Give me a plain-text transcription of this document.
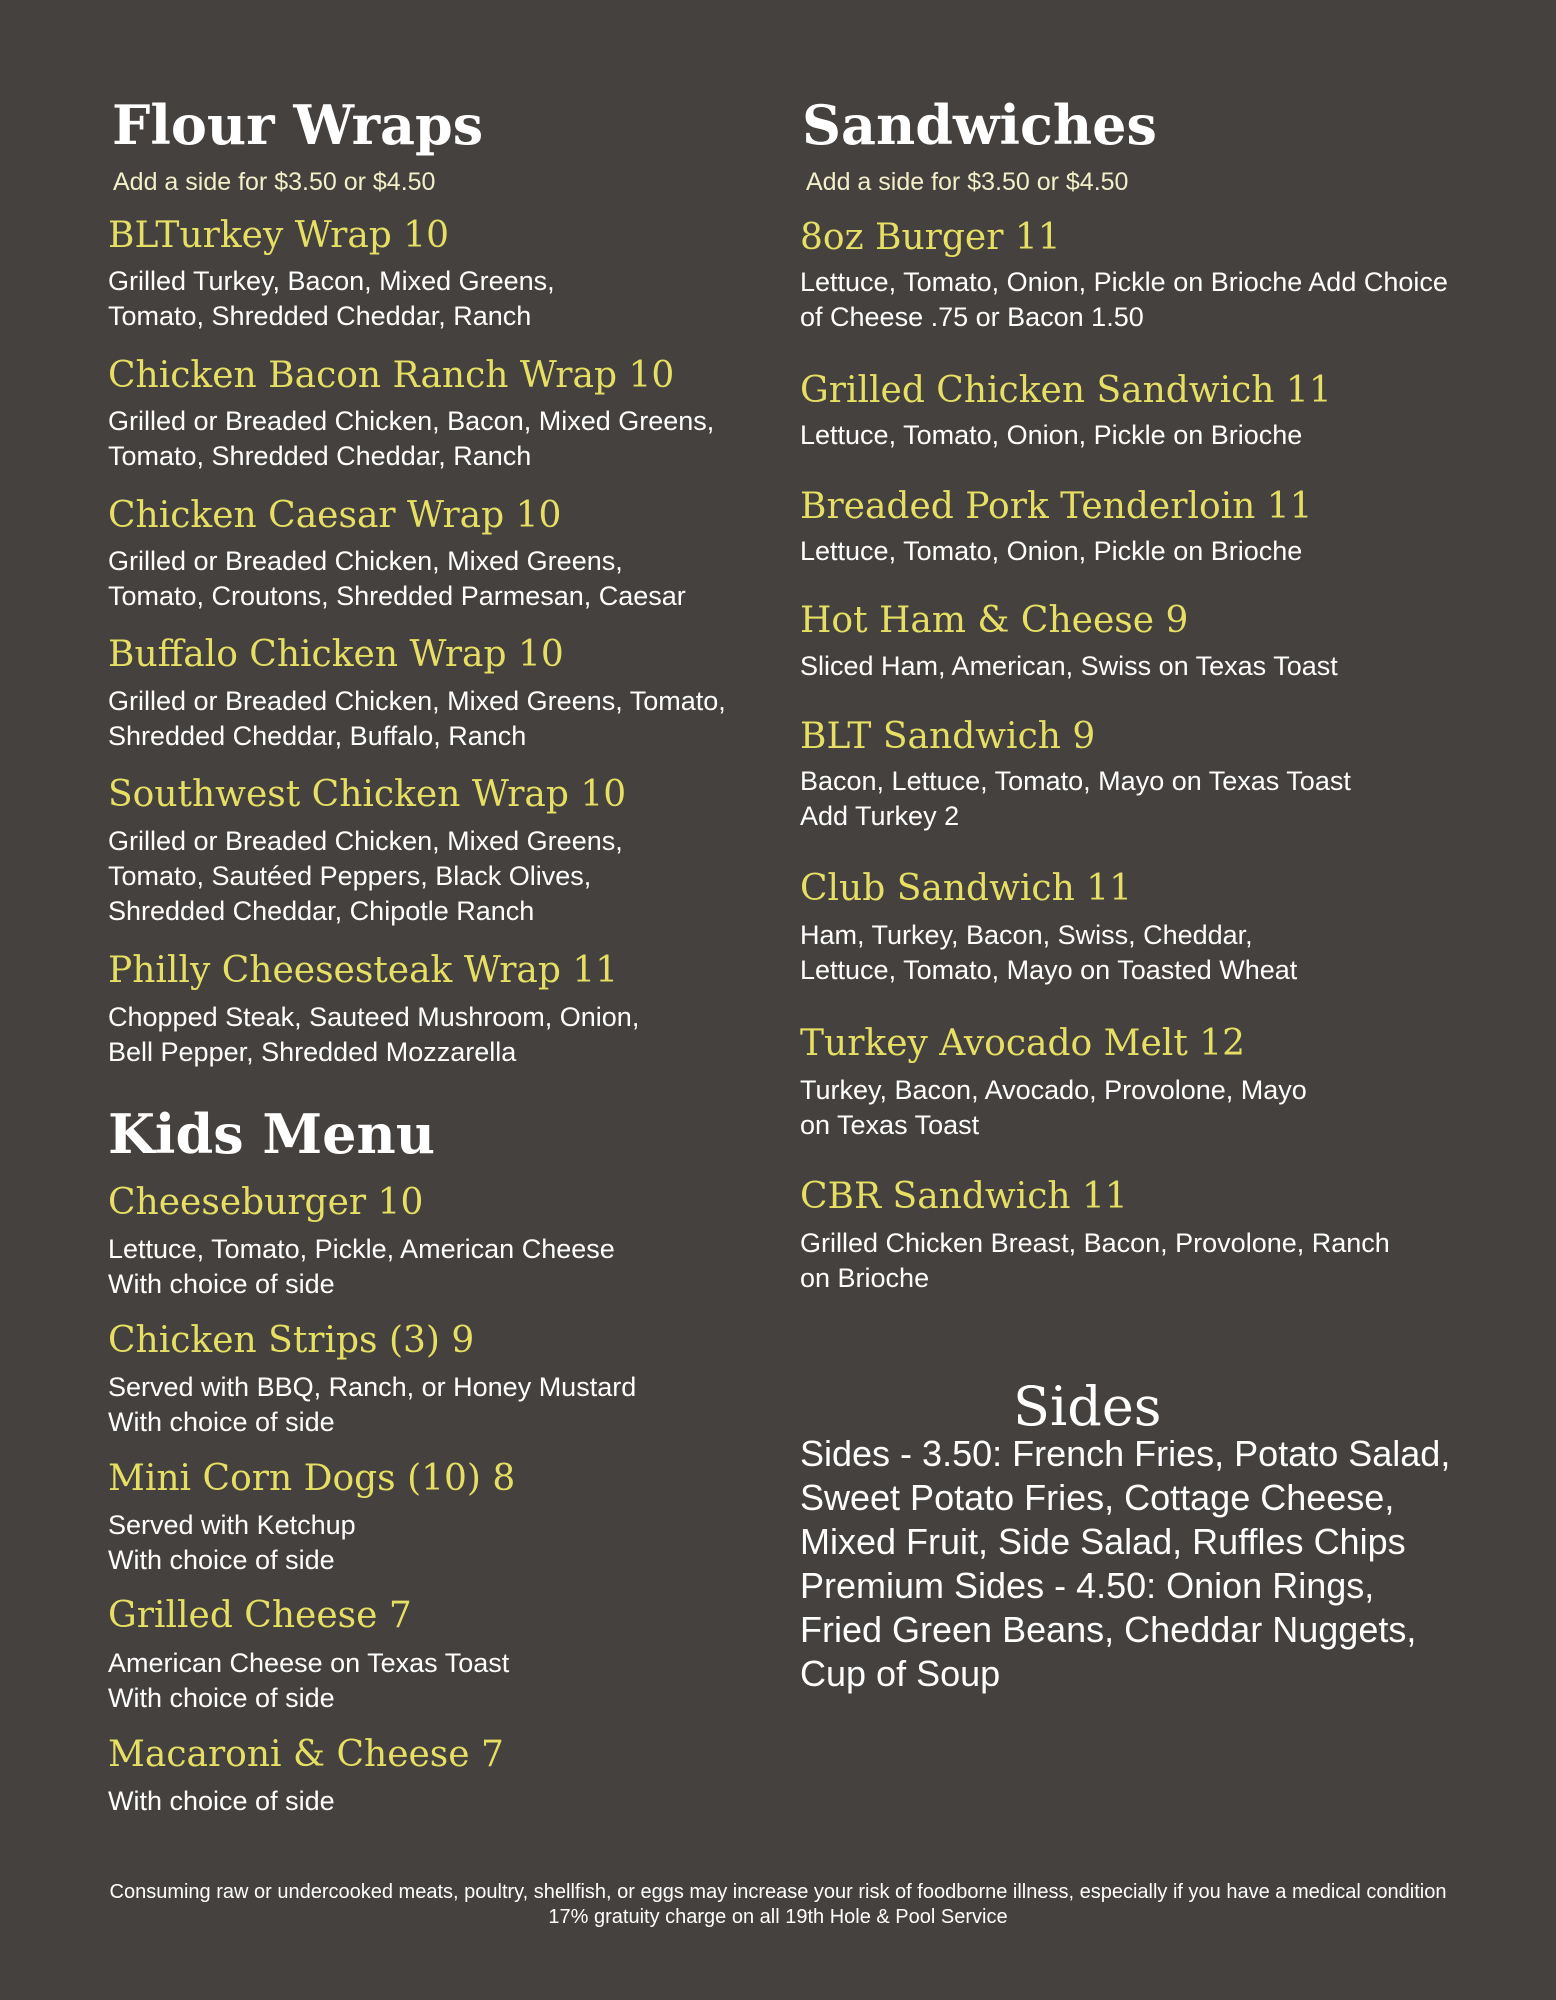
Flour Wraps
Add a side for $3.50 or $4.50
BLTurkey Wrap 10
Grilled Turkey, Bacon, Mixed Greens,
Tomato, Shredded Cheddar, Ranch
Chicken Bacon Ranch Wrap 10
Grilled or Breaded Chicken, Bacon, Mixed Greens,
Tomato, Shredded Cheddar, Ranch
Chicken Caesar Wrap 10
Grilled or Breaded Chicken, Mixed Greens,
Tomato, Croutons, Shredded Parmesan, Caesar
Buffalo Chicken Wrap 10
Grilled or Breaded Chicken, Mixed Greens, Tomato,
Shredded Cheddar, Buffalo, Ranch
Southwest Chicken Wrap 10
Grilled or Breaded Chicken, Mixed Greens,
Tomato, Sautéed Peppers, Black Olives,
Shredded Cheddar, Chipotle Ranch
Philly Cheesesteak Wrap 11
Chopped Steak, Sauteed Mushroom, Onion,
Bell Pepper, Shredded Mozzarella
Kids Menu
Cheeseburger 10
Lettuce, Tomato, Pickle, American Cheese
With choice of side
Chicken Strips (3) 9
Served with BBQ, Ranch, or Honey Mustard
With choice of side
Mini Corn Dogs (10) 8
Served with Ketchup
With choice of side
Grilled Cheese 7
American Cheese on Texas Toast
With choice of side
Macaroni & Cheese 7
With choice of side
Sandwiches
Add a side for $3.50 or $4.50
8oz Burger 11
Lettuce, Tomato, Onion, Pickle on Brioche Add Choice
of Cheese .75 or Bacon 1.50
Grilled Chicken Sandwich 11
Lettuce, Tomato, Onion, Pickle on Brioche
Breaded Pork Tenderloin 11
Lettuce, Tomato, Onion, Pickle on Brioche
Hot Ham & Cheese 9
Sliced Ham, American, Swiss on Texas Toast
BLT Sandwich 9
Bacon, Lettuce, Tomato, Mayo on Texas Toast
Add Turkey 2
Club Sandwich 11
Ham, Turkey, Bacon, Swiss, Cheddar,
Lettuce, Tomato, Mayo on Toasted Wheat
Turkey Avocado Melt 12
Turkey, Bacon, Avocado, Provolone, Mayo
on Texas Toast
CBR Sandwich 11
Grilled Chicken Breast, Bacon, Provolone, Ranch
on Brioche
Sides
Sides - 3.50: French Fries, Potato Salad,
Sweet Potato Fries, Cottage Cheese,
Mixed Fruit, Side Salad, Ruffles Chips
Premium Sides - 4.50: Onion Rings,
Fried Green Beans, Cheddar Nuggets,
Cup of Soup
Consuming raw or undercooked meats, poultry, shellfish, or eggs may increase your risk of foodborne illness, especially if you have a medical condition
17% gratuity charge on all 19th Hole & Pool Service
